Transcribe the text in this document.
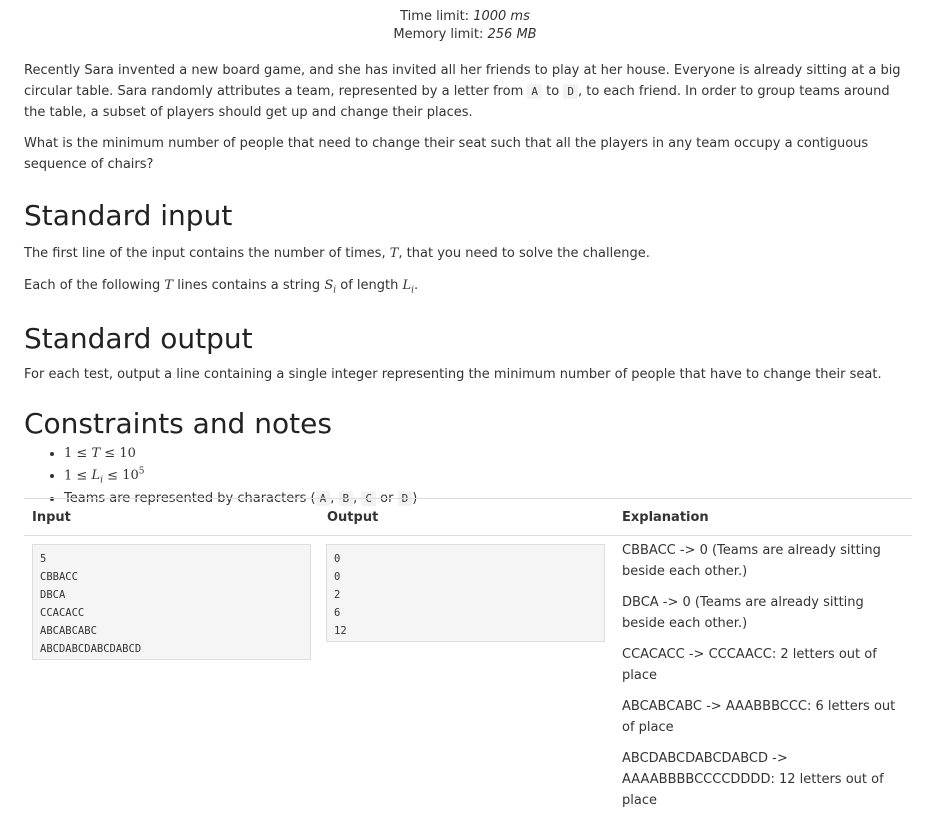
Time limit: 1000 ms
Memory limit: 256 MB

Recently Sara invented a new board game, and she has invited all her friends to play at her house. Everyone is already sitting at a big circular table. Sara randomly attributes a team, represented by a letter from A to D , to each friend. In order to group teams around the table, a subset of players should get up and change their places.

What is the minimum number of people that need to change their seat such that all the players in any team occupy a contiguous sequence of chairs?

Standard input

The first line of the input contains the number of times, T, that you need to solve the challenge.

Each of the following T lines contains a string $S_i$ of length $L_i$.

Standard output

For each test, output a line containing a single integer representing the minimum number of people that have to change their seat.

Constraints and notes
• 1 ≤ T ≤ 10
• $1 \le L_i \le 10^5$
• Teams are represented by characters ( A , B , C or D )
Input	Output	Explanation
5
CBBACC
DBCA
CCACACC
ABCABCABC
ABCDABCDABCDABCD
0
0
2
6
12
CBBACC -> 0 (Teams are already sitting beside each other.)
DBCA -> 0 (Teams are already sitting beside each other.)
CCACACC -> CCCAACC: 2 letters out of place
ABCABCABC -> AAABBBCCC: 6 letters out of place
ABCDABCDABCDABCD -> AAAABBBBCCCCDDDD: 12 letters out of place
